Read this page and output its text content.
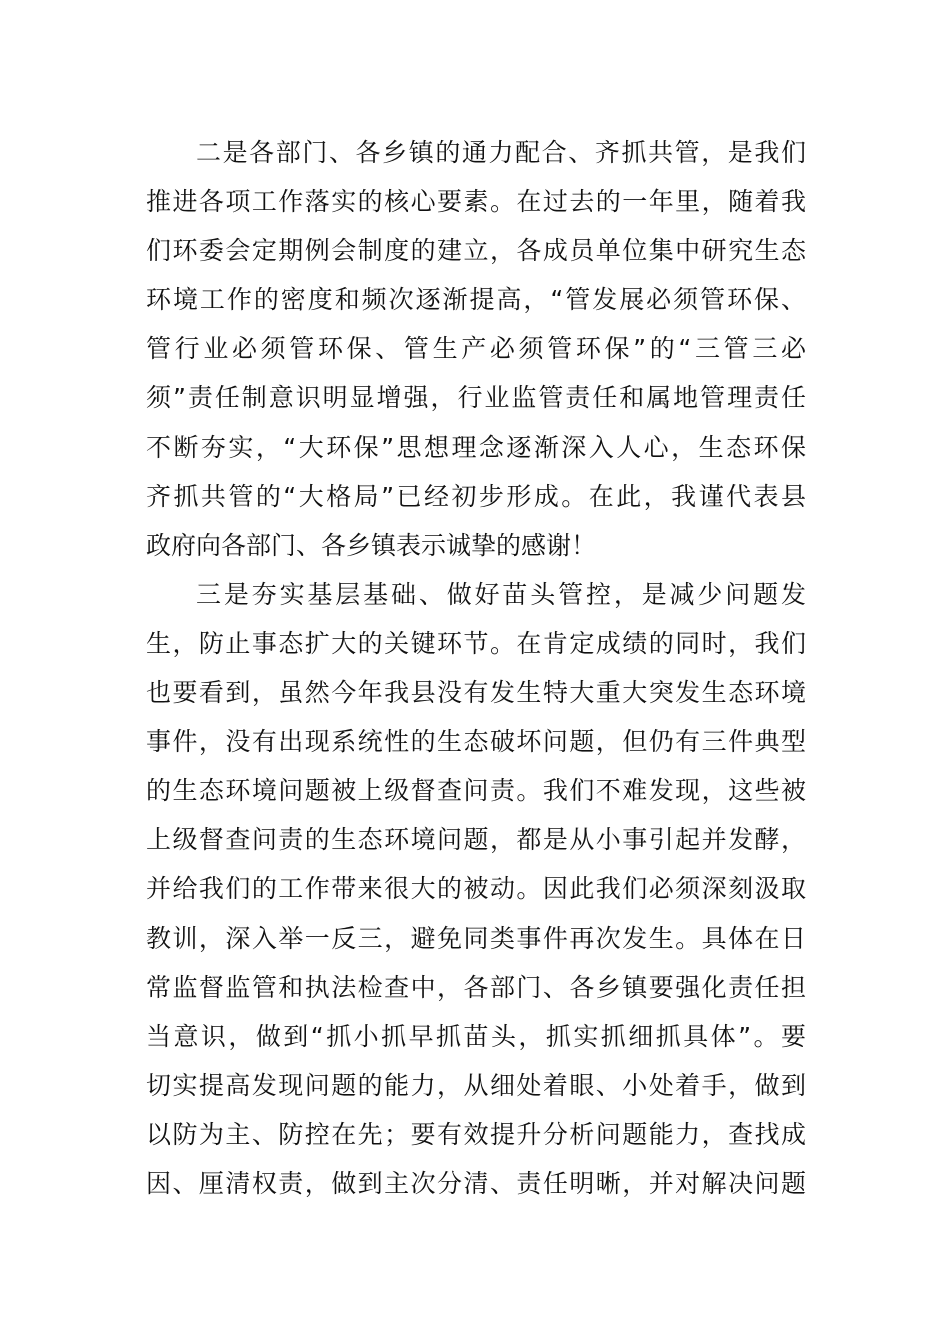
二是各部门、各乡镇的通力配合、齐抓共管，是我们
推进各项工作落实的核心要素。在过去的一年里，随着我
们环委会定期例会制度的建立，各成员单位集中研究生态
环境工作的密度和频次逐渐提高，“管发展必须管环保、
管行业必须管环保、管生产必须管环保”的“三管三必
须”责任制意识明显增强，行业监管责任和属地管理责任
不断夯实，“大环保”思想理念逐渐深入人心，生态环保
齐抓共管的“大格局”已经初步形成。在此，我谨代表县
政府向各部门、各乡镇表示诚挚的感谢！
三是夯实基层基础、做好苗头管控，是减少问题发
生，防止事态扩大的关键环节。在肯定成绩的同时，我们
也要看到，虽然今年我县没有发生特大重大突发生态环境
事件，没有出现系统性的生态破坏问题，但仍有三件典型
的生态环境问题被上级督查问责。我们不难发现，这些被
上级督查问责的生态环境问题，都是从小事引起并发酵，
并给我们的工作带来很大的被动。因此我们必须深刻汲取
教训，深入举一反三，避免同类事件再次发生。具体在日
常监督监管和执法检查中，各部门、各乡镇要强化责任担
当意识，做到“抓小抓早抓苗头，抓实抓细抓具体”。要
切实提高发现问题的能力，从细处着眼、小处着手，做到
以防为主、防控在先；要有效提升分析问题能力，查找成
因、厘清权责，做到主次分清、责任明晰，并对解决问题
